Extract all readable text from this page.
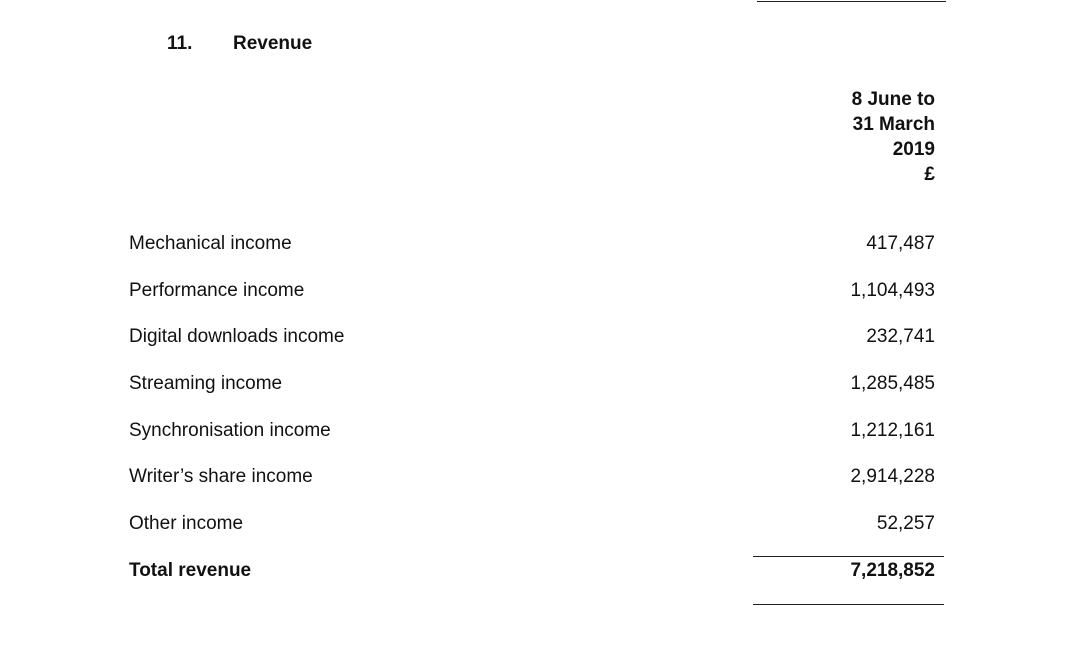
11. Revenue
8 June to
31 March
2019
£
Mechanical income	417,487
Performance income	1,104,493
Digital downloads income	232,741
Streaming income	1,285,485
Synchronisation income	1,212,161
Writer’s share income	2,914,228
Other income	52,257
Total revenue	7,218,852
